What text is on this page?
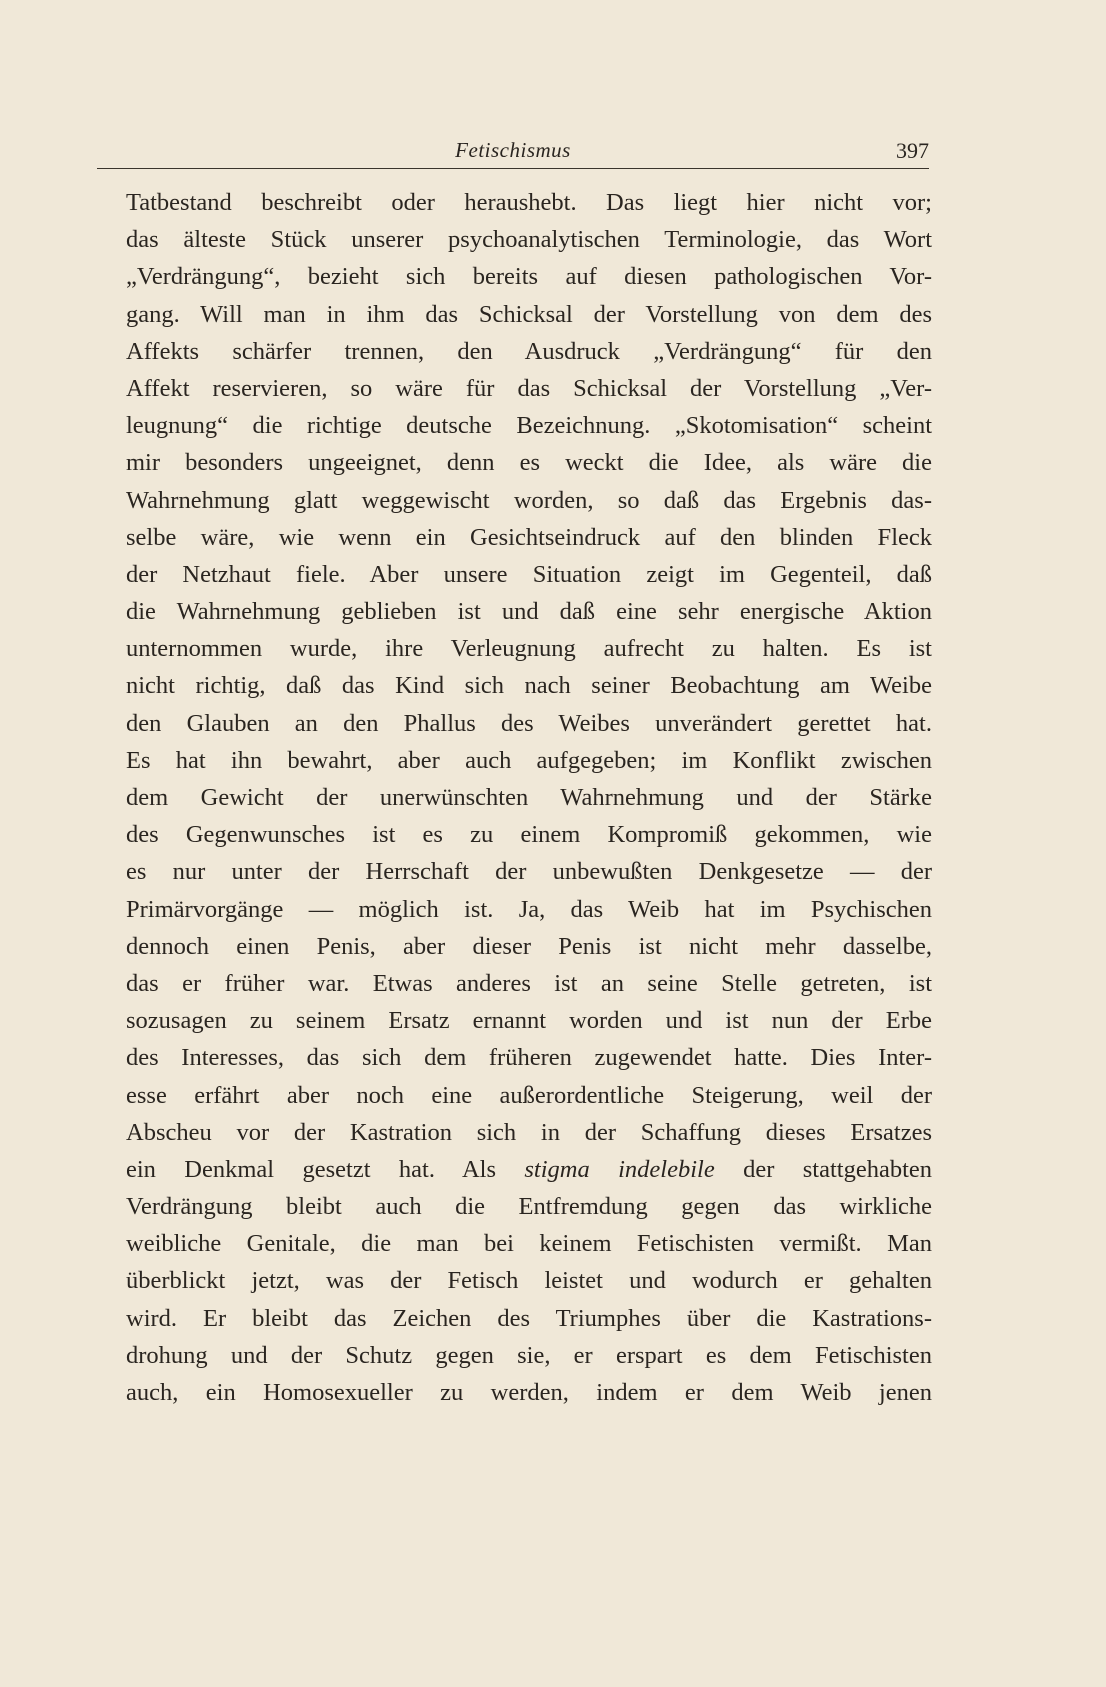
Fetischismus	397
Tatbestand beschreibt oder heraushebt. Das liegt hier nicht vor;
das älteste Stück unserer psychoanalytischen Terminologie, das Wort
„Verdrängung“, bezieht sich bereits auf diesen pathologischen Vor-
gang. Will man in ihm das Schicksal der Vorstellung von dem des
Affekts schärfer trennen, den Ausdruck „Verdrängung“ für den
Affekt reservieren, so wäre für das Schicksal der Vorstellung „Ver-
leugnung“ die richtige deutsche Bezeichnung. „Skotomisation“ scheint
mir besonders ungeeignet, denn es weckt die Idee, als wäre die
Wahrnehmung glatt weggewischt worden, so daß das Ergebnis das-
selbe wäre, wie wenn ein Gesichtseindruck auf den blinden Fleck
der Netzhaut fiele. Aber unsere Situation zeigt im Gegenteil, daß
die Wahrnehmung geblieben ist und daß eine sehr energische Aktion
unternommen wurde, ihre Verleugnung aufrecht zu halten. Es ist
nicht richtig, daß das Kind sich nach seiner Beobachtung am Weibe
den Glauben an den Phallus des Weibes unverändert gerettet hat.
Es hat ihn bewahrt, aber auch aufgegeben; im Konflikt zwischen
dem Gewicht der unerwünschten Wahrnehmung und der Stärke
des Gegenwunsches ist es zu einem Kompromiß gekommen, wie
es nur unter der Herrschaft der unbewußten Denkgesetze — der
Primärvorgänge — möglich ist. Ja, das Weib hat im Psychischen
dennoch einen Penis, aber dieser Penis ist nicht mehr dasselbe,
das er früher war. Etwas anderes ist an seine Stelle getreten, ist
sozusagen zu seinem Ersatz ernannt worden und ist nun der Erbe
des Interesses, das sich dem früheren zugewendet hatte. Dies Inter-
esse erfährt aber noch eine außerordentliche Steigerung, weil der
Abscheu vor der Kastration sich in der Schaffung dieses Ersatzes
ein Denkmal gesetzt hat. Als stigma indelebile der stattgehabten
Verdrängung bleibt auch die Entfremdung gegen das wirkliche
weibliche Genitale, die man bei keinem Fetischisten vermißt. Man
überblickt jetzt, was der Fetisch leistet und wodurch er gehalten
wird. Er bleibt das Zeichen des Triumphes über die Kastrations-
drohung und der Schutz gegen sie, er erspart es dem Fetischisten
auch, ein Homosexueller zu werden, indem er dem Weib jenen
